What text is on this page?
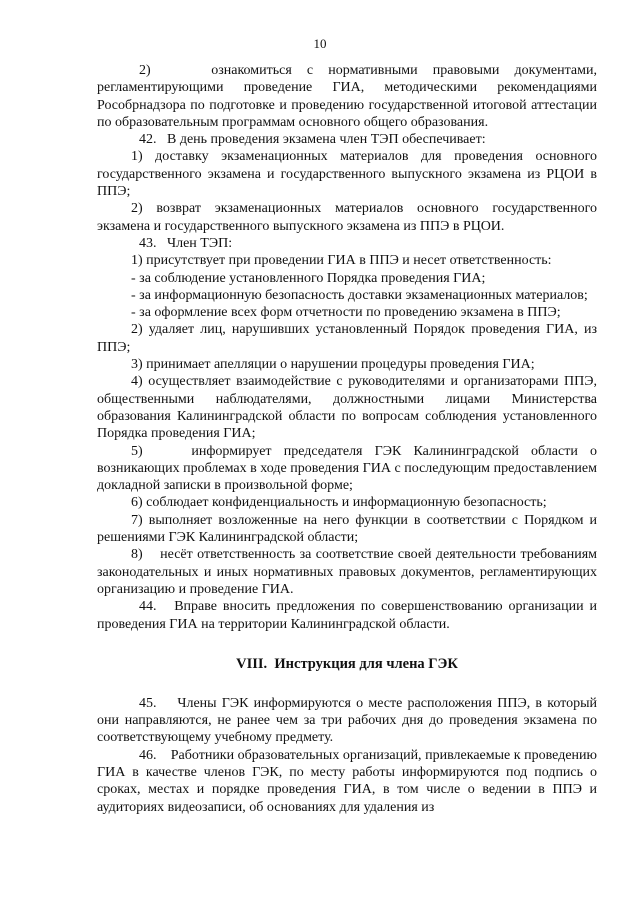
10

2)    ознакомиться с нормативными правовыми документами, регламентирующими проведение ГИА, методическими рекомендациями Рособрнадзора по подготовке и проведению государственной итоговой аттестации по образовательным программам основного общего образования.

42.   В день проведения экзамена член ТЭП обеспечивает:

1) доставку экзаменационных материалов для проведения основного государственного экзамена и государственного выпускного экзамена из РЦОИ в ППЭ;

2) возврат экзаменационных материалов основного государственного экзамена и государственного выпускного экзамена из ППЭ в РЦОИ.

43.   Член ТЭП:

1) присутствует при проведении ГИА в ППЭ и несет ответственность:

- за соблюдение установленного Порядка проведения ГИА;

- за информационную безопасность доставки экзаменационных материалов;

- за оформление всех форм отчетности по проведению экзамена в ППЭ;

2) удаляет лиц, нарушивших установленный Порядок проведения ГИА, из ППЭ;

3) принимает апелляции о нарушении процедуры проведения ГИА;

4) осуществляет взаимодействие с руководителями и организаторами ППЭ, общественными наблюдателями, должностными лицами Министерства образования Калининградской области по вопросам соблюдения установленного Порядка проведения ГИА;

5)    информирует председателя ГЭК Калининградской области о возникающих проблемах в ходе проведения ГИА с последующим предоставлением докладной записки в произвольной форме;

6) соблюдает конфиденциальность и информационную безопасность;

7) выполняет возложенные на него функции в соответствии с Порядком и решениями ГЭК Калининградской области;

8)    несёт ответственность за соответствие своей деятельности требованиям законодательных и иных нормативных правовых документов, регламентирующих организацию и проведение ГИА.

44.   Вправе вносить предложения по совершенствованию организации и проведения ГИА на территории Калининградской области.

VIII.  Инструкция для члена ГЭК

45.    Члены ГЭК информируются о месте расположения ППЭ, в который они направляются, не ранее чем за три рабочих дня до проведения экзамена по соответствующему учебному предмету.

46.    Работники образовательных организаций, привлекаемые к проведению ГИА в качестве членов ГЭК, по месту работы информируются под подпись о сроках, местах и порядке проведения ГИА, в том числе о ведении в ППЭ и аудиториях видеозаписи, об основаниях для удаления из
